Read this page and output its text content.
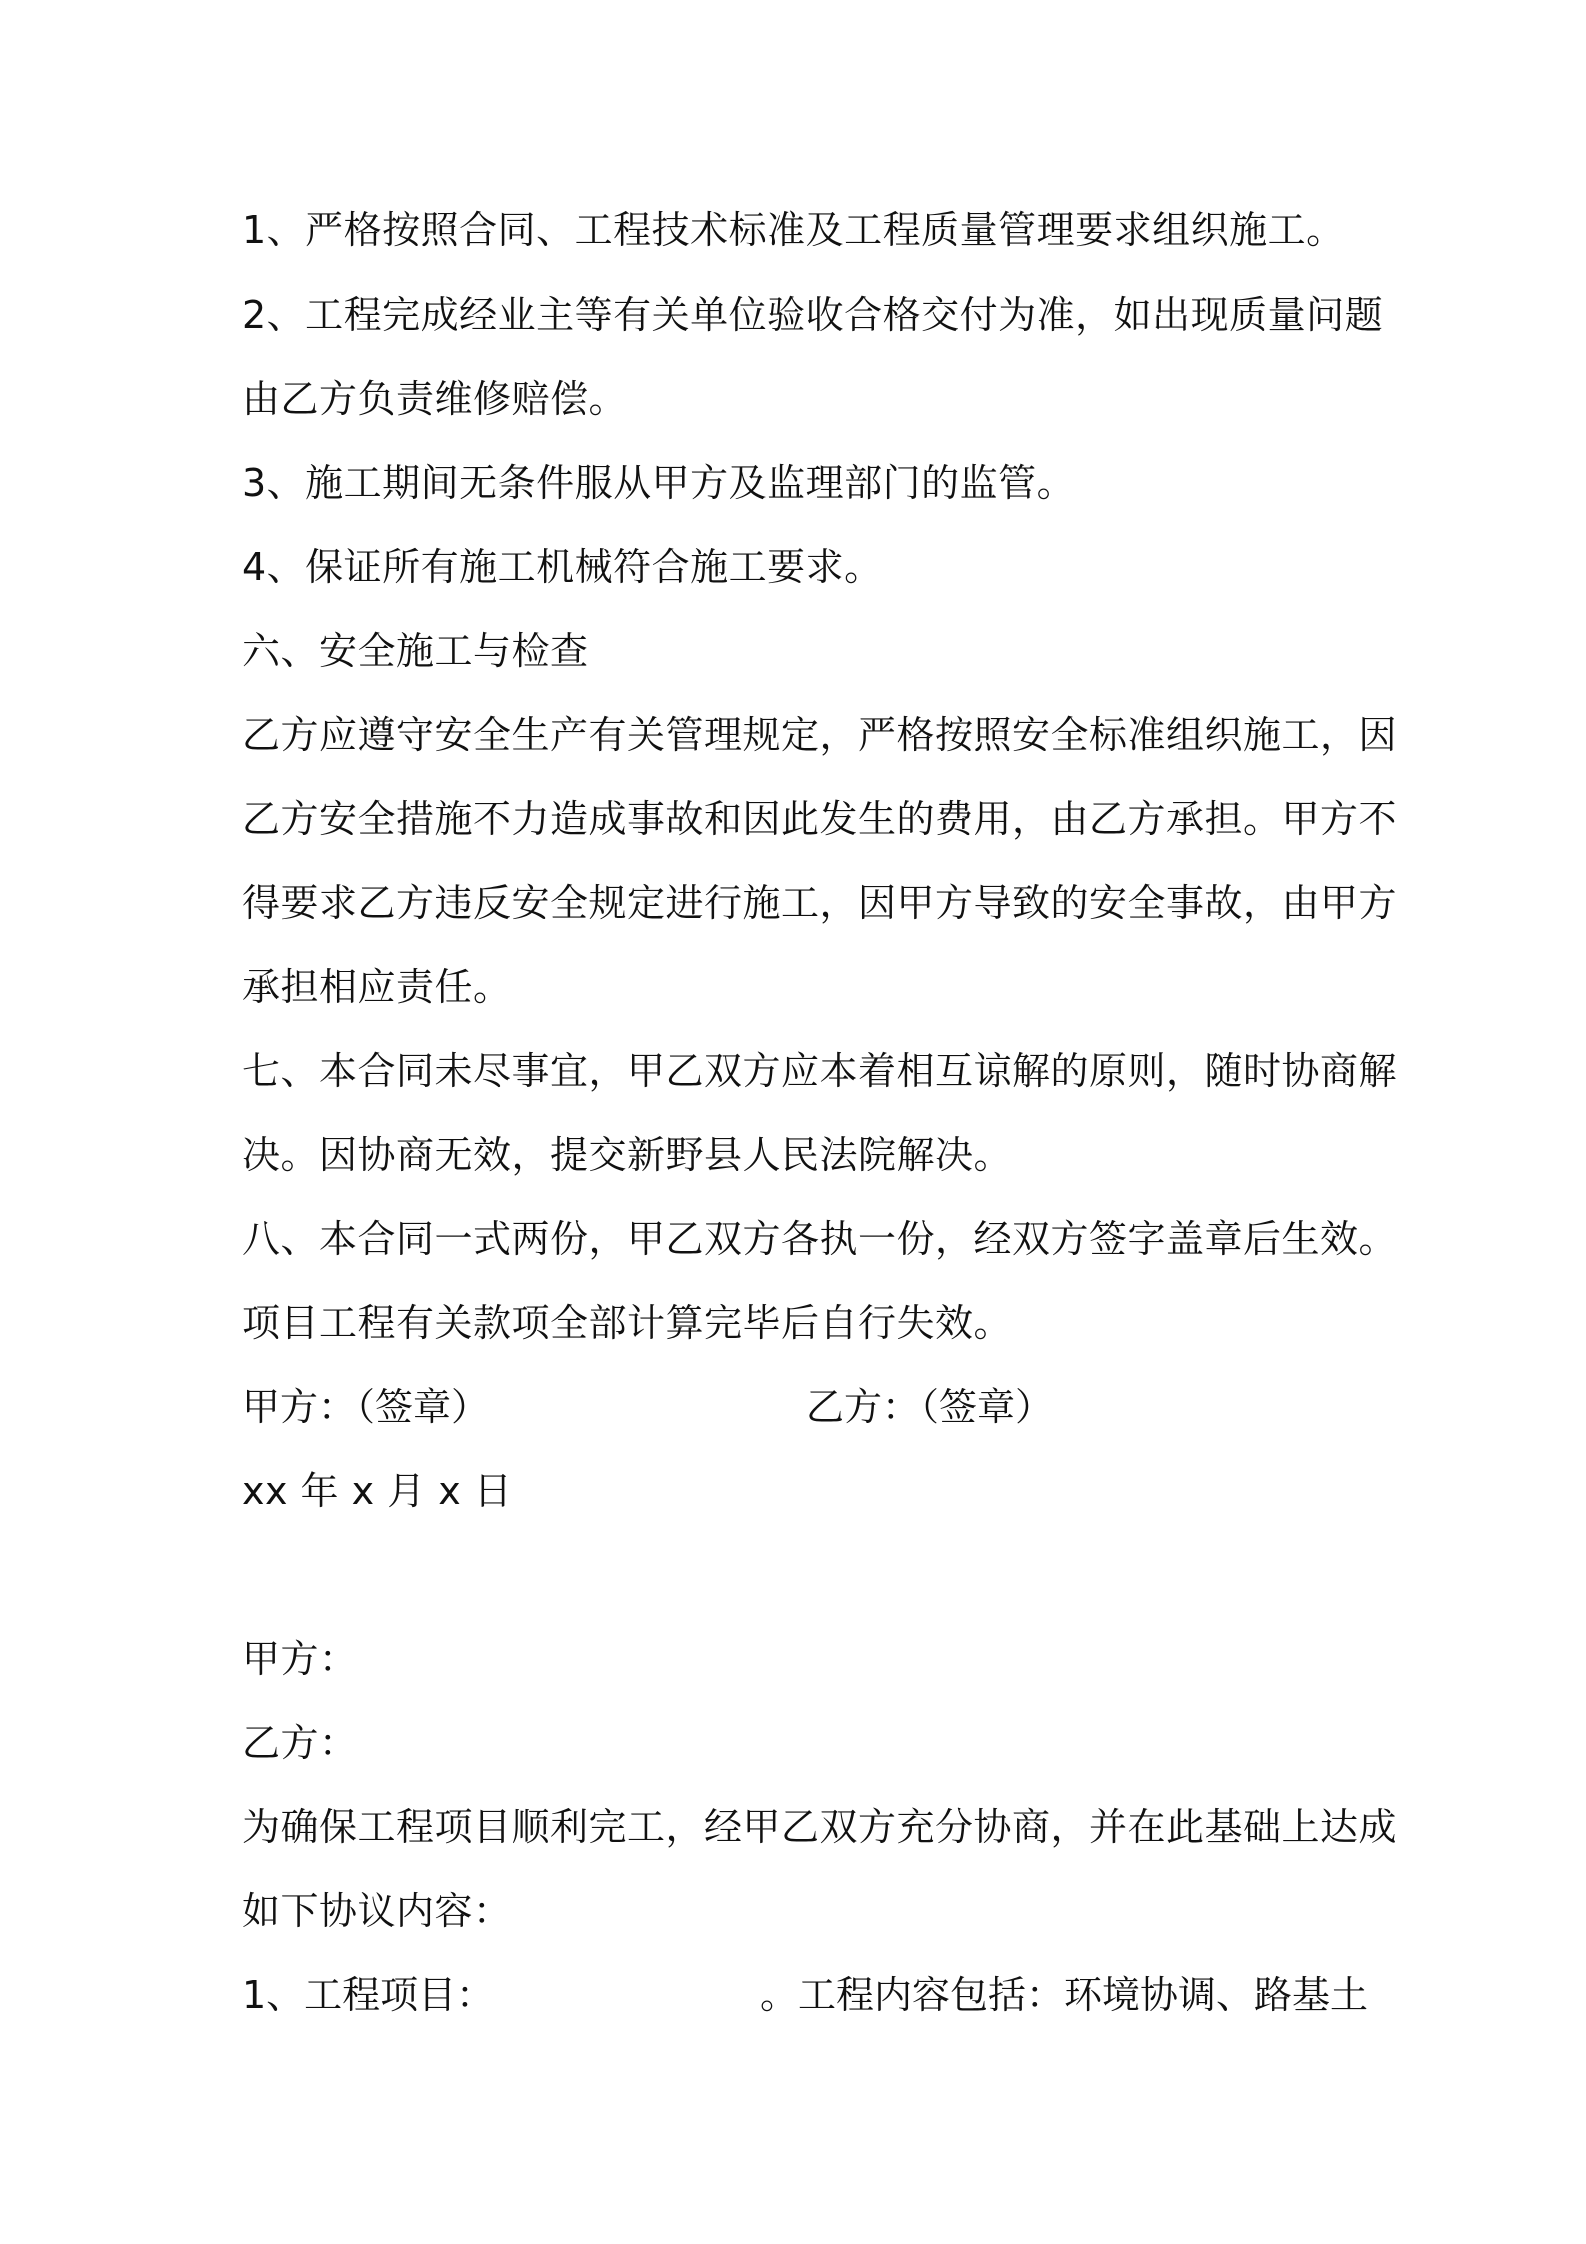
1、严格按照合同、工程技术标准及工程质量管理要求组织施工。
2、工程完成经业主等有关单位验收合格交付为准，如出现质量问题
由乙方负责维修赔偿。
3、施工期间无条件服从甲方及监理部门的监管。
4、保证所有施工机械符合施工要求。
六、安全施工与检查
乙方应遵守安全生产有关管理规定，严格按照安全标准组织施工，因
乙方安全措施不力造成事故和因此发生的费用，由乙方承担。甲方不
得要求乙方违反安全规定进行施工，因甲方导致的安全事故，由甲方
承担相应责任。
七、本合同未尽事宜，甲乙双方应本着相互谅解的原则，随时协商解
决。因协商无效，提交新野县人民法院解决。
八、本合同一式两份，甲乙双方各执一份，经双方签字盖章后生效。
项目工程有关款项全部计算完毕后自行失效。
甲方：（签章）	乙方：（签章）
xx 年 x 月 x 日
甲方：
乙方：
为确保工程项目顺利完工，经甲乙双方充分协商，并在此基础上达成
如下协议内容：
1、工程项目：	。工程内容包括：环境协调、路基土
